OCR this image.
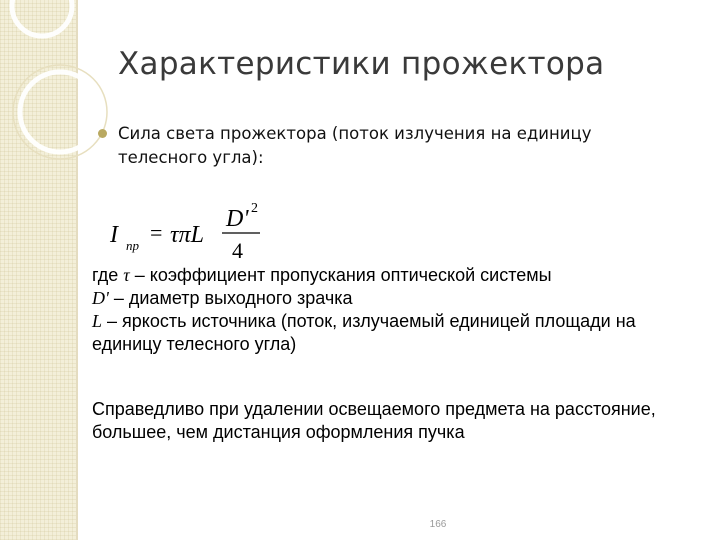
Характеристики прожектора
Сила света прожектора (поток излучения на единицу телесного угла):
I пр
= τπL
D' 2
4
где τ – коэффициент пропускания оптической системы
D' – диаметр выходного зрачка
L – яркость источника (поток, излучаемый единицей площади на единицу телесного угла)
Справедливо при удалении освещаемого предмета на расстояние, большее, чем дистанция оформления пучка
166
